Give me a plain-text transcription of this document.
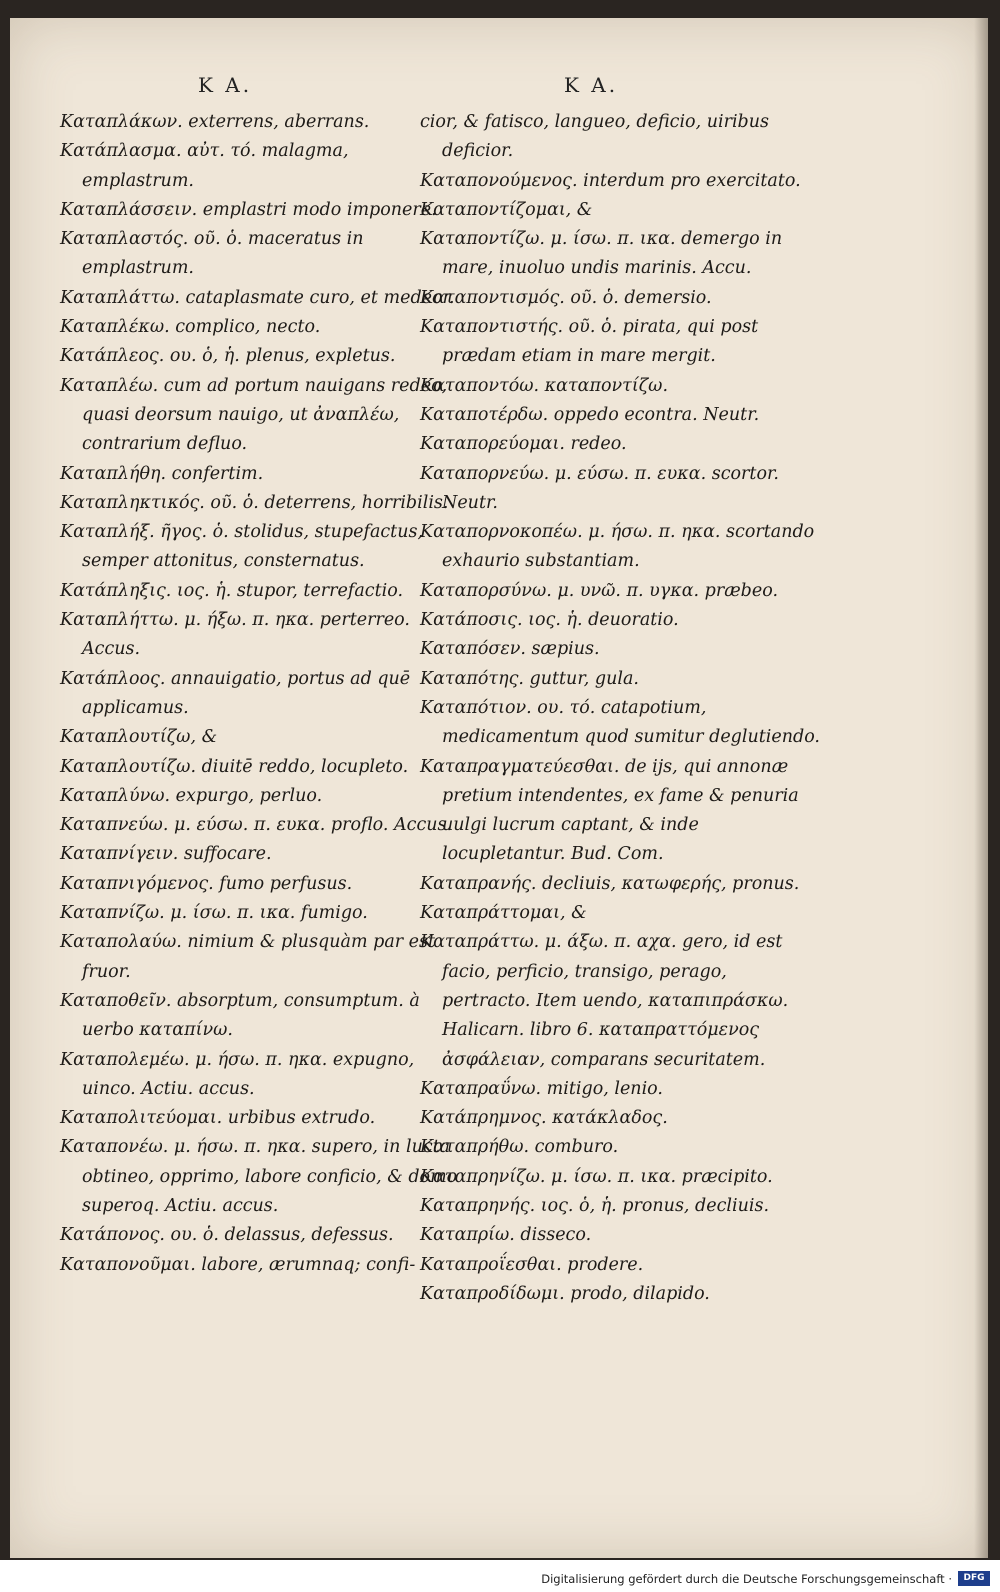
K A.	K A.

Καταπλάκων. exterrens, aberrans.

Κατάπλασμα. αὐτ. τό. malagma, emplastrum.

Καταπλάσσειν. emplastri modo imponere.

Καταπλαστός. οῦ. ὁ. maceratus in emplastrum.

Καταπλάττω. cataplasmate curo, et medeor.

Καταπλέκω. complico, necto.

Κατάπλεος. ου. ὁ, ἡ. plenus, expletus.

Καταπλέω. cum ad portum nauigans redeo, quasi deorsum nauigo, ut ἀναπλέω, contrarium defluo.

Καταπλήθη. confertim.

Καταπληκτικός. οῦ. ὁ. deterrens, horribilis.

Καταπλήξ. ῆγος. ὁ. stolidus, stupefactus, semper attonitus, consternatus.

Κατάπληξις. ιος. ἡ. stupor, terrefactio.

Καταπλήττω. μ. ήξω. π. ηκα. perterreo. Accus.

Κατάπλοος. annauigatio, portus ad quē applicamus.

Καταπλουτίζω, &

Καταπλουτίζω. diuitē reddo, locupleto.

Καταπλύνω. expurgo, perluo.

Καταπνεύω. μ. εύσω. π. ευκα. proflo. Accus.

Καταπνίγειν. suffocare.

Καταπνιγόμενος. fumo perfusus.

Καταπνίζω. μ. ίσω. π. ικα. fumigo.

Καταπολαύω. nimium & plusquàm par est fruor.

Καταποθεῖν. absorptum, consumptum. à uerbo καταπίνω.

Καταπολεμέω. μ. ήσω. π. ηκα. expugno, uinco. Actiu. accus.

Καταπολιτεύομαι. urbibus extrudo.

Καταπονέω. μ. ήσω. π. ηκα. supero, in lucta obtineo, opprimo, labore conficio, & domo superoq. Actiu. accus.

Κατάπονος. ου. ὁ. delassus, defessus.

Καταπονοῦμαι. labore, ærumnaq; confi-

cior, & fatisco, langueo, deficio, uiribus deficior.

Καταπονούμενος. interdum pro exercitato.

Καταποντίζομαι, &

Καταποντίζω. μ. ίσω. π. ικα. demergo in mare, inuoluo undis marinis. Accu.

Καταποντισμός. οῦ. ὁ. demersio.

Καταποντιστής. οῦ. ὁ. pirata, qui post prædam etiam in mare mergit.

Καταποντόω. καταποντίζω.

Καταποτέρδω. oppedo econtra. Neutr.

Καταπορεύομαι. redeo.

Καταπορνεύω. μ. εύσω. π. ευκα. scortor. Neutr.

Καταπορνοκοπέω. μ. ήσω. π. ηκα. scortando exhaurio substantiam.

Καταπορσύνω. μ. υνῶ. π. υγκα. præbeo.

Κατάποσις. ιος. ἡ. deuoratio.

Καταπόσεν. sæpius.

Καταπότης. guttur, gula.

Καταπότιον. ου. τό. catapotium, medicamentum quod sumitur deglutiendo.

Καταπραγματεύεσθαι. de ijs, qui annonæ pretium intendentes, ex fame & penuria uulgi lucrum captant, & inde locupletantur. Bud. Com.

Καταπρανής. decliuis, κατωφερής, pronus.

Καταπράττομαι, &

Καταπράττω. μ. άξω. π. αχα. gero, id est facio, perficio, transigo, perago, pertracto. Item uendo, καταπιπράσκω. Halicarn. libro 6. καταπραττόμενος ἀσφάλειαν, comparans securitatem.

Καταπραΰνω. mitigo, lenio.

Κατάπρημνος. κατάκλαδος.

Καταπρήθω. comburo.

Καταπρηνίζω. μ. ίσω. π. ικα. præcipito.

Καταπρηνής. ιος. ὁ, ἡ. pronus, decliuis.

Καταπρίω. disseco.

Καταπροΐεσθαι. prodere.

Καταπροδίδωμι. prodo, dilapido.

Digitalisierung gefördert durch die Deutsche Forschungsgemeinschaft ·	DFG
